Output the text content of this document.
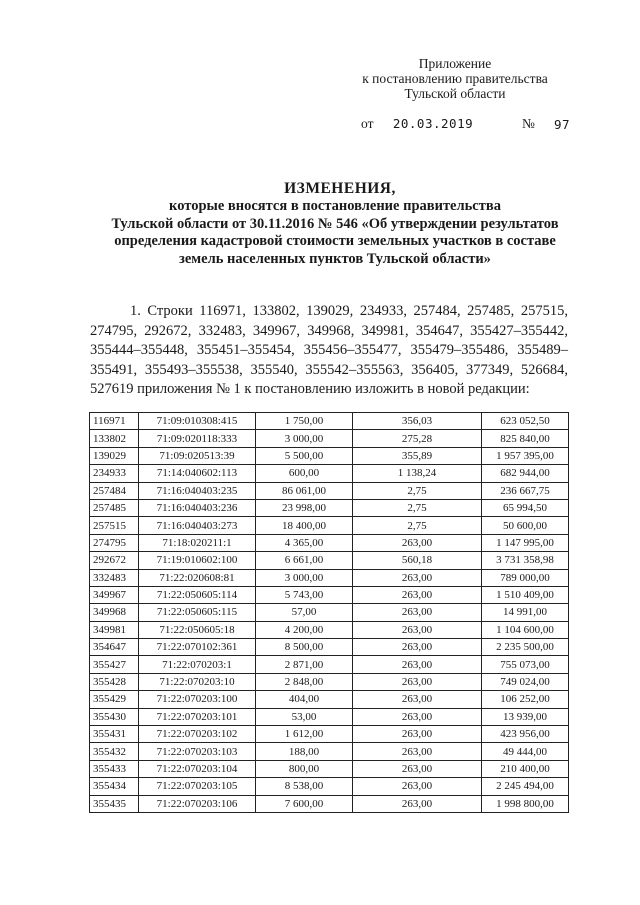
Приложение
к постановлению правительства
Тульской области
от 20.03.2019	№ 97
ИЗМЕНЕНИЯ,
которые вносятся в постановление правительства
Тульской области от 30.11.2016 № 546 «Об утверждении результатов
определения кадастровой стоимости земельных участков в составе
земель населенных пунктов Тульской области»
1. Строки 116971, 133802, 139029, 234933, 257484, 257485, 257515, 274795, 292672, 332483, 349967, 349968, 349981, 354647, 355427–355442, 355444–355448, 355451–355454, 355456–355477, 355479–355486, 355489–355491, 355493–355538, 355540, 355542–355563, 356405, 377349, 526684, 527619 приложения № 1 к постановлению изложить в новой редакции:
116971	71:09:010308:415	1 750,00	356,03	623 052,50
133802	71:09:020118:333	3 000,00	275,28	825 840,00
139029	71:09:020513:39	5 500,00	355,89	1 957 395,00
234933	71:14:040602:113	600,00	1 138,24	682 944,00
257484	71:16:040403:235	86 061,00	2,75	236 667,75
257485	71:16:040403:236	23 998,00	2,75	65 994,50
257515	71:16:040403:273	18 400,00	2,75	50 600,00
274795	71:18:020211:1	4 365,00	263,00	1 147 995,00
292672	71:19:010602:100	6 661,00	560,18	3 731 358,98
332483	71:22:020608:81	3 000,00	263,00	789 000,00
349967	71:22:050605:114	5 743,00	263,00	1 510 409,00
349968	71:22:050605:115	57,00	263,00	14 991,00
349981	71:22:050605:18	4 200,00	263,00	1 104 600,00
354647	71:22:070102:361	8 500,00	263,00	2 235 500,00
355427	71:22:070203:1	2 871,00	263,00	755 073,00
355428	71:22:070203:10	2 848,00	263,00	749 024,00
355429	71:22:070203:100	404,00	263,00	106 252,00
355430	71:22:070203:101	53,00	263,00	13 939,00
355431	71:22:070203:102	1 612,00	263,00	423 956,00
355432	71:22:070203:103	188,00	263,00	49 444,00
355433	71:22:070203:104	800,00	263,00	210 400,00
355434	71:22:070203:105	8 538,00	263,00	2 245 494,00
355435	71:22:070203:106	7 600,00	263,00	1 998 800,00
